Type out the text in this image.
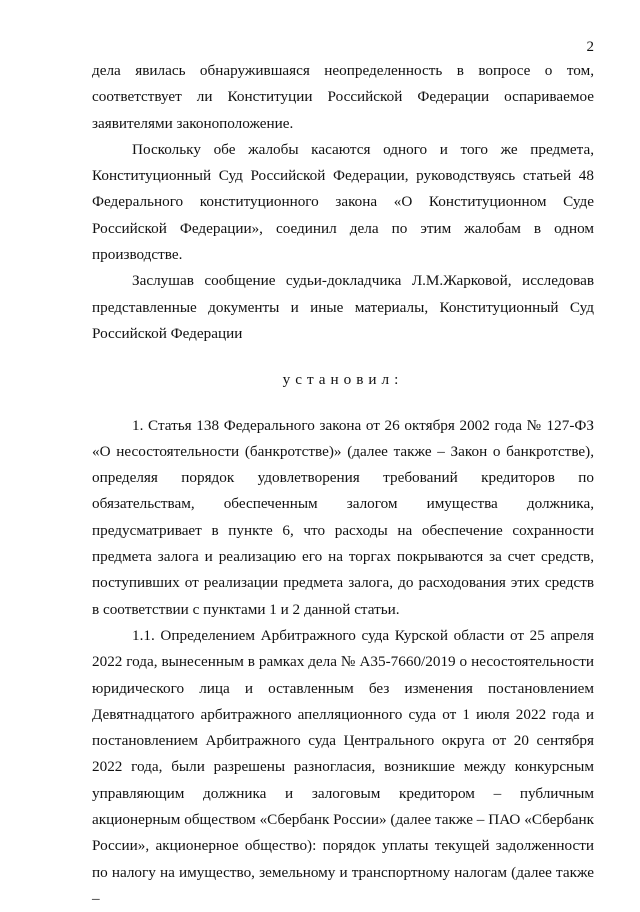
2

дела явилась обнаружившаяся неопределенность в вопросе о том, соответствует ли Конституции Российской Федерации оспариваемое заявителями законоположение.

Поскольку обе жалобы касаются одного и того же предмета, Конституционный Суд Российской Федерации, руководствуясь статьей 48 Федерального конституционного закона «О Конституционном Суде Российской Федерации», соединил дела по этим жалобам в одном производстве.

Заслушав сообщение судьи-докладчика Л.М.Жарковой, исследовав представленные документы и иные материалы, Конституционный Суд Российской Федерации

установил:

1. Статья 138 Федерального закона от 26 октября 2002 года № 127-ФЗ «О несостоятельности (банкротстве)» (далее также – Закон о банкротстве), определяя порядок удовлетворения требований кредиторов по обязательствам, обеспеченным залогом имущества должника, предусматривает в пункте 6, что расходы на обеспечение сохранности предмета залога и реализацию его на торгах покрываются за счет средств, поступивших от реализации предмета залога, до расходования этих средств в соответствии с пунктами 1 и 2 данной статьи.

1.1. Определением Арбитражного суда Курской области от 25 апреля 2022 года, вынесенным в рамках дела № А35-7660/2019 о несостоятельности юридического лица и оставленным без изменения постановлением Девятнадцатого арбитражного апелляционного суда от 1 июля 2022 года и постановлением Арбитражного суда Центрального округа от 20 сентября 2022 года, были разрешены разногласия, возникшие между конкурсным управляющим должника и залоговым кредитором – публичным акционерным обществом «Сбербанк России» (далее также – ПАО «Сбербанк России», акционерное общество): порядок уплаты текущей задолженности по налогу на имущество, земельному и транспортному налогам (далее также –
